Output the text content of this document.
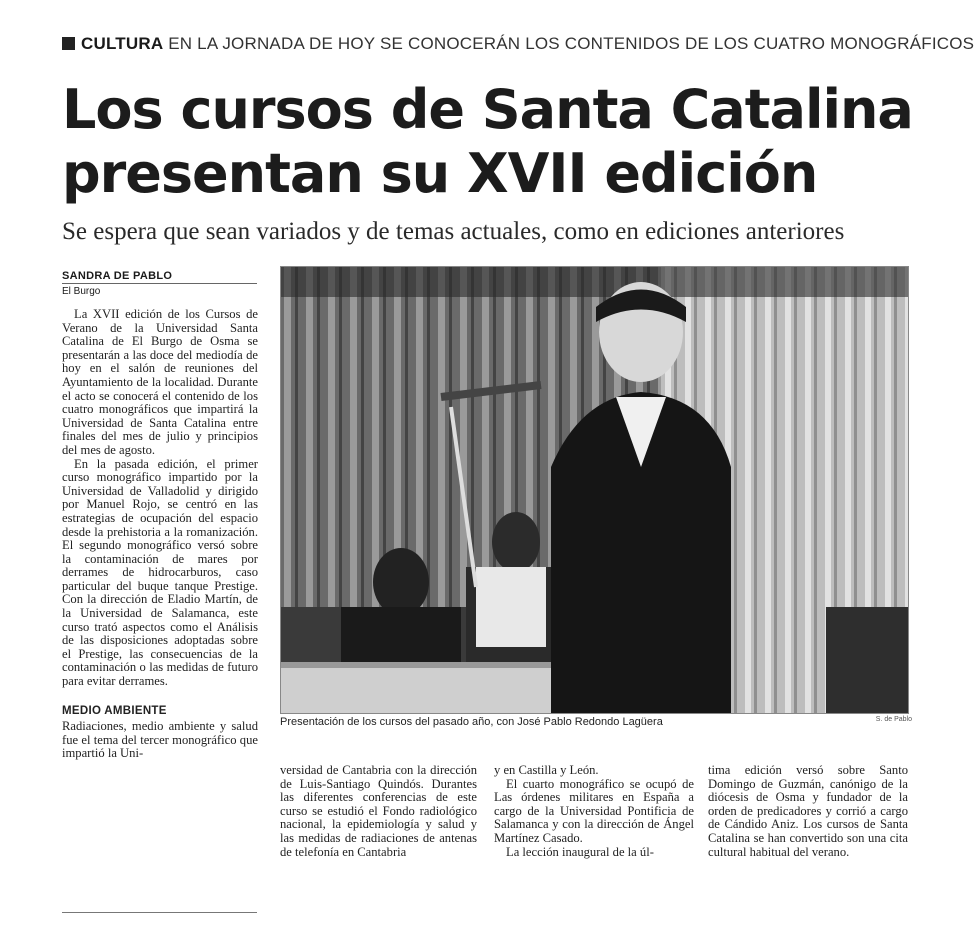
CULTURA EN LA JORNADA DE HOY SE CONOCERÁN LOS CONTENIDOS DE LOS CUATRO MONOGRÁFICOS
Los cursos de Santa Catalina
presentan su XVII edición
Se espera que sean variados y de temas actuales, como en ediciones anteriores
SANDRA DE PABLO
El Burgo

La XVII edición de los Cursos de Verano de la Universidad Santa Catalina de El Burgo de Osma se presentarán a las doce del mediodía de hoy en el salón de reuniones del Ayuntamiento de la localidad. Durante el acto se conocerá el contenido de los cuatro monográficos que impartirá la Universidad de Santa Catalina entre finales del mes de julio y principios del mes de agosto.

En la pasada edición, el primer curso monográfico impartido por la Universidad de Valladolid y dirigido por Manuel Rojo, se centró en las estrategias de ocupación del espacio desde la prehistoria a la romanización. El segundo monográfico versó sobre la contaminación de mares por derrames de hidrocarburos, caso particular del buque tanque Prestige. Con la dirección de Eladio Martín, de la Universidad de Salamanca, este curso trató aspectos como el Análisis de las disposiciones adoptadas sobre el Prestige, las consecuencias de la contaminación o las medidas de futuro para evitar derrames.

MEDIO AMBIENTE

Radiaciones, medio ambiente y salud fue el tema del tercer monográfico que impartió la Uni-

Presentación de los cursos del pasado año, con José Pablo Redondo Lagüera	S. de Pablo

versidad de Cantabria con la dirección de Luis-Santiago Quindós. Durantes las diferentes conferencias de este curso se estudió el Fondo radiológico nacional, la epidemiología y salud y las medidas de radiaciones de antenas de telefonía en Cantabria

y en Castilla y León.

El cuarto monográfico se ocupó de Las órdenes militares en España a cargo de la Universidad Pontificia de Salamanca y con la dirección de Ángel Martínez Casado.

La lección inaugural de la úl-

tima edición versó sobre Santo Domingo de Guzmán, canónigo de la diócesis de Osma y fundador de la orden de predicadores y corrió a cargo de Cándido Aniz. Los cursos de Santa Catalina se han convertido son una cita cultural habitual del verano.
